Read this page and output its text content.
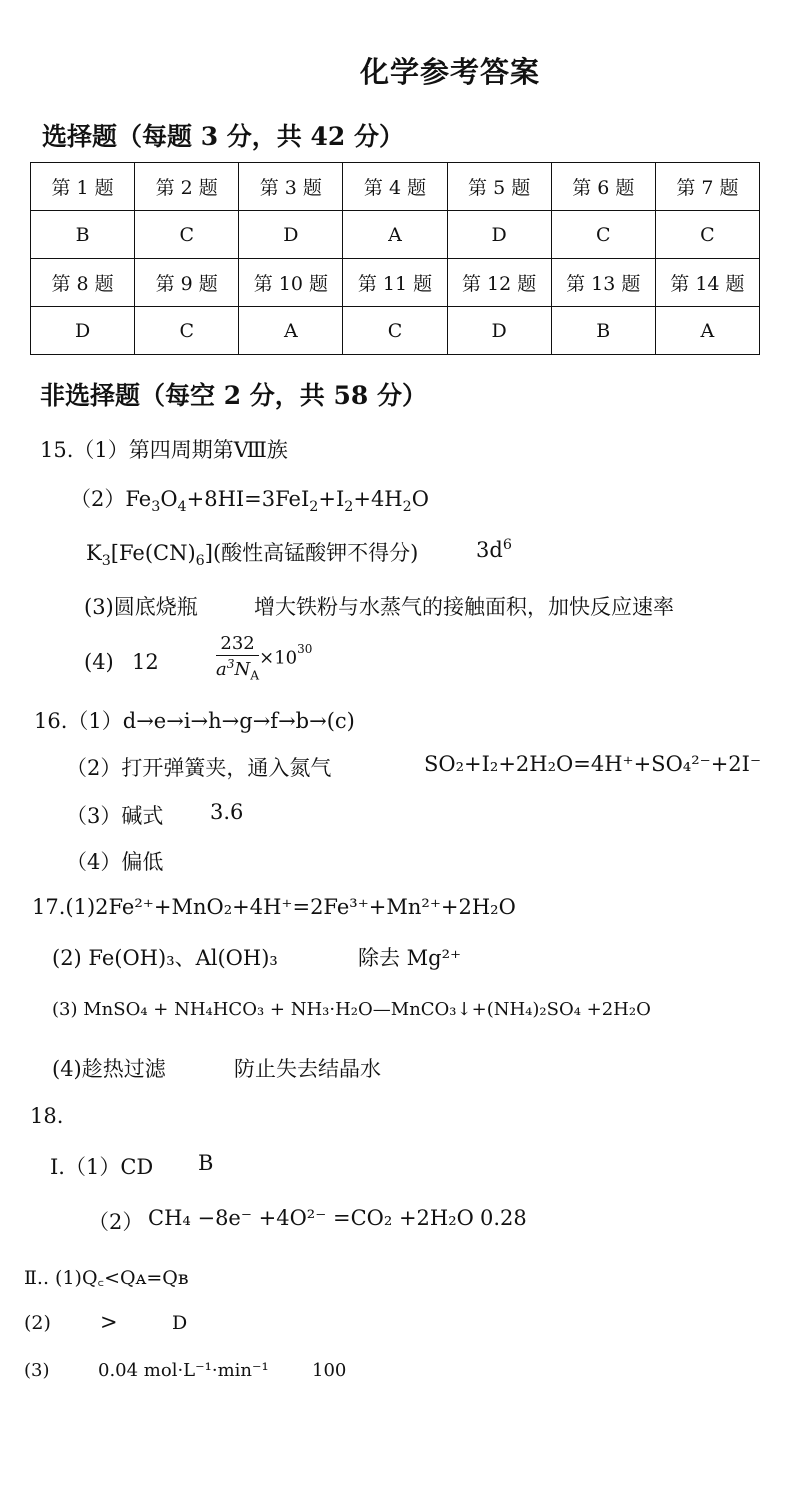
化学参考答案
选择题（每题 3 分，共 42 分）
第 1 题	第 2 题	第 3 题	第 4 题	第 5 题	第 6 题	第 7 题
B	C	D	A	D	C	C
第 8 题	第 9 题	第 10 题	第 11 题	第 12 题	第 13 题	第 14 题
D	C	A	C	D	B	A
非选择题（每空 2 分，共 58 分）
15.（1）第四周期第Ⅷ族
$(2)Fe_3O_4+8HI=3FeI_2+I_2+4H_2O$
$K_3[Fe(CN)_6]$(酸性高锰酸钾不得分)	$3d^6$
(3)圆底烧瓶	增大铁粉与水蒸气的接触面积，加快反应速率
(4) 12	$\frac{232}{a^3N_A} \times 10^{30}$
16.（1）d→e→i→h→g→f→b→(c)
（2）打开弹簧夹，通入氮气	SO₂+I₂+2H₂O=4H⁺+SO₄²⁻+2I⁻
（3）碱式 3.6
（4）偏低
17.(1)2Fe²⁺+MnO₂+4H⁺=2Fe³⁺+Mn²⁺+2H₂O
(2) Fe(OH)₃、Al(OH)₃	除去 Mg²⁺
(3) MnSO₄ + NH₄HCO₃ + NH₃·H₂O—MnCO₃↓+(NH₄)₂SO₄ +2H₂O
(4)趁热过滤	防止失去结晶水
18.
I.（1）CD B
（2） CH₄ −8e⁻ +4O²⁻ =CO₂ +2H₂O 0.28
Ⅱ.. (1)Q꜀<Qᴀ=Qʙ
(2) >	D
(3)	0.04 mol·L⁻¹·min⁻¹ 100
